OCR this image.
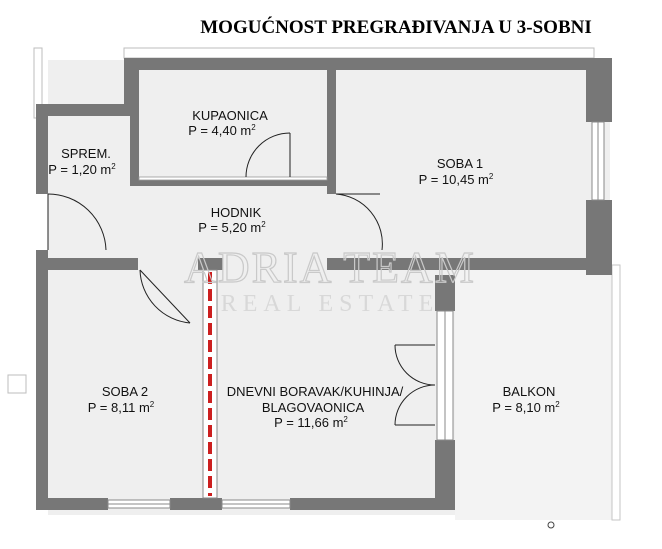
MOGUĆNOST PREGRAĐIVANJA U 3-SOBNI
ADRIA TEAM
REAL ESTATE
KUPAONICA
P = 4,40 $m^2$
SPREM.
P = 1,20 $m^2$	SOBA 1
P = 10,45 $m^2$
HODNIK
P = 5,20 $m^2$
SOBA 2
P = 8,11 $m^2$
DNEVNI BORAVAK/KUHINJA/
BLAGOVAONICA
P = 11,66 $m^2$
BALKON
P = 8,10 $m^2$
